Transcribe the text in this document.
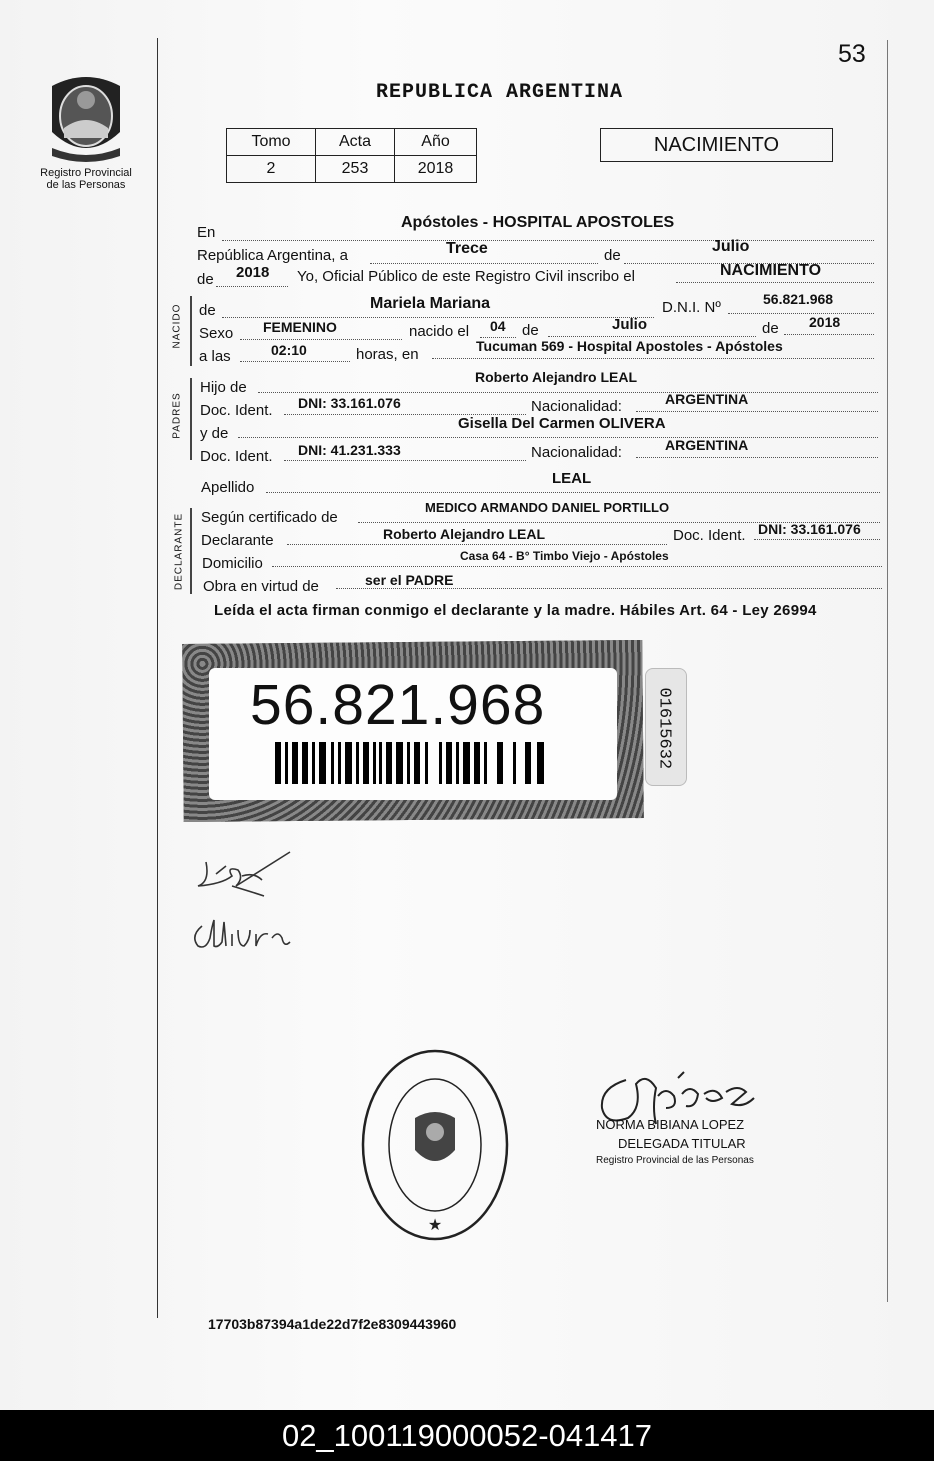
53
Registro Provincial
de las Personas
REPUBLICA ARGENTINA
Tomo	Acta	Año
2	253	2018
NACIMIENTO
En
Apóstoles - HOSPITAL APOSTOLES
República Argentina, a	Trece	de
Julio
de 2018 Yo, Oficial Público de este Registro Civil inscribo el	NACIMIENTO
NACIDO de	Mariela Mariana	D.N.I. Nº	56.821.968
Sexo FEMENINO	nacido el 04 de	Julio	de 2018
a las	02:10	horas, en	Tucuman 569 - Hospital Apostoles - Apóstoles
PADRES
Hijo de
Roberto Alejandro LEAL
Doc. Ident. DNI: 33.161.076	Nacionalidad:	ARGENTINA
y de
Gisella Del Carmen OLIVERA
Doc. Ident. DNI: 41.231.333	Nacionalidad:	ARGENTINA
Apellido
LEAL
DECLARANTE Según certificado de
MEDICO ARMANDO DANIEL PORTILLO
Declarante	Roberto Alejandro LEAL	Doc. Ident. DNI: 33.161.076
Domicilio	Casa 64 - B° Timbo Viejo - Apóstoles
Obra en virtud de	ser el PADRE
Leída el acta firman conmigo el declarante y la madre. Hábiles Art. 64 - Ley 26994
56.821.968	01615632
★
NORMA BIBIANA LOPEZ
DELEGADA TITULAR
Registro Provincial de las Personas
17703b87394a1de22d7f2e8309443960
02_100119000052-041417
